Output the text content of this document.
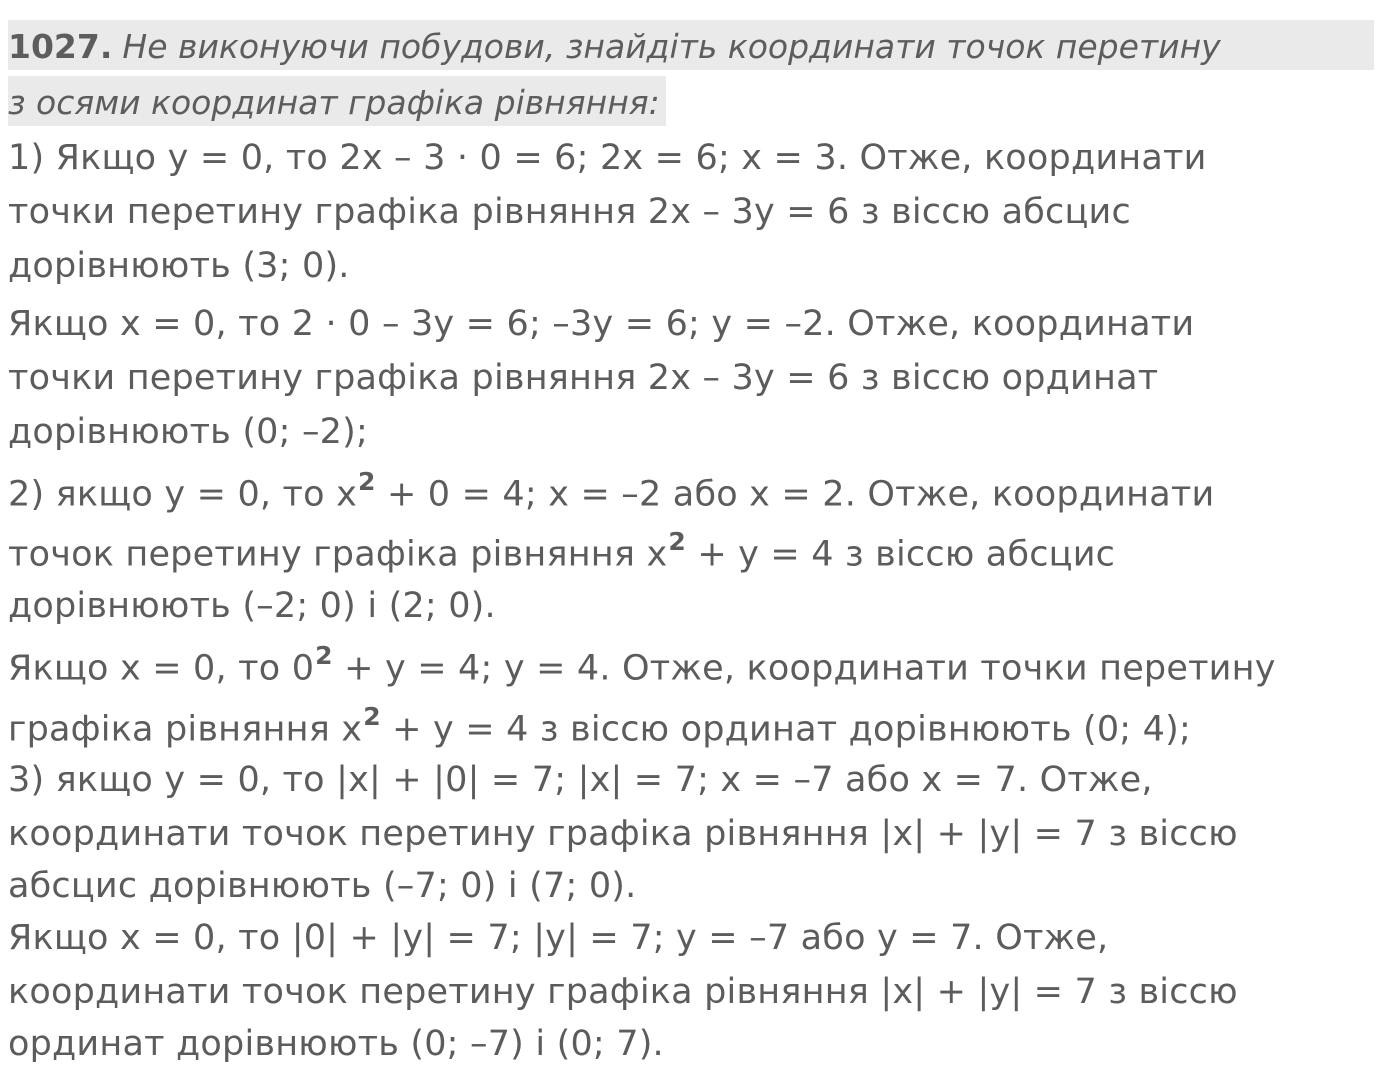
1027. Не виконуючи побудови, знайдіть координати точок перетину
з осями координат графіка рівняння:
1) Якщо y = 0, то 2x – 3 · 0 = 6; 2x = 6; x = 3. Отже, координати
точки перетину графіка рівняння 2x – 3y = 6 з віссю абсцис
дорівнюють (3; 0).
Якщо x = 0, то 2 · 0 – 3y = 6; –3y = 6; y = –2. Отже, координати
точки перетину графіка рівняння 2x – 3y = 6 з віссю ординат
дорівнюють (0; –2);
2) якщо y = 0, то $x^2 + 0 = 4$; x = –2 або x = 2. Отже, координати
точок перетину графіка рівняння $x^2 + y = 4$ з віссю абсцис
дорівнюють (–2; 0) і (2; 0).
Якщо x = 0, то $0^2 + y = 4$; y = 4. Отже, координати точки перетину
графіка рівняння $x^2 + y = 4$ з віссю ординат дорівнюють (0; 4);
3) якщо y = 0, то |x| + |0| = 7; |x| = 7; x = –7 або x = 7. Отже,
координати точок перетину графіка рівняння |x| + |y| = 7 з віссю
абсцис дорівнюють (–7; 0) і (7; 0).
Якщо x = 0, то |0| + |y| = 7; |y| = 7; y = –7 або y = 7. Отже,
координати точок перетину графіка рівняння |x| + |y| = 7 з віссю
ординат дорівнюють (0; –7) і (0; 7).
